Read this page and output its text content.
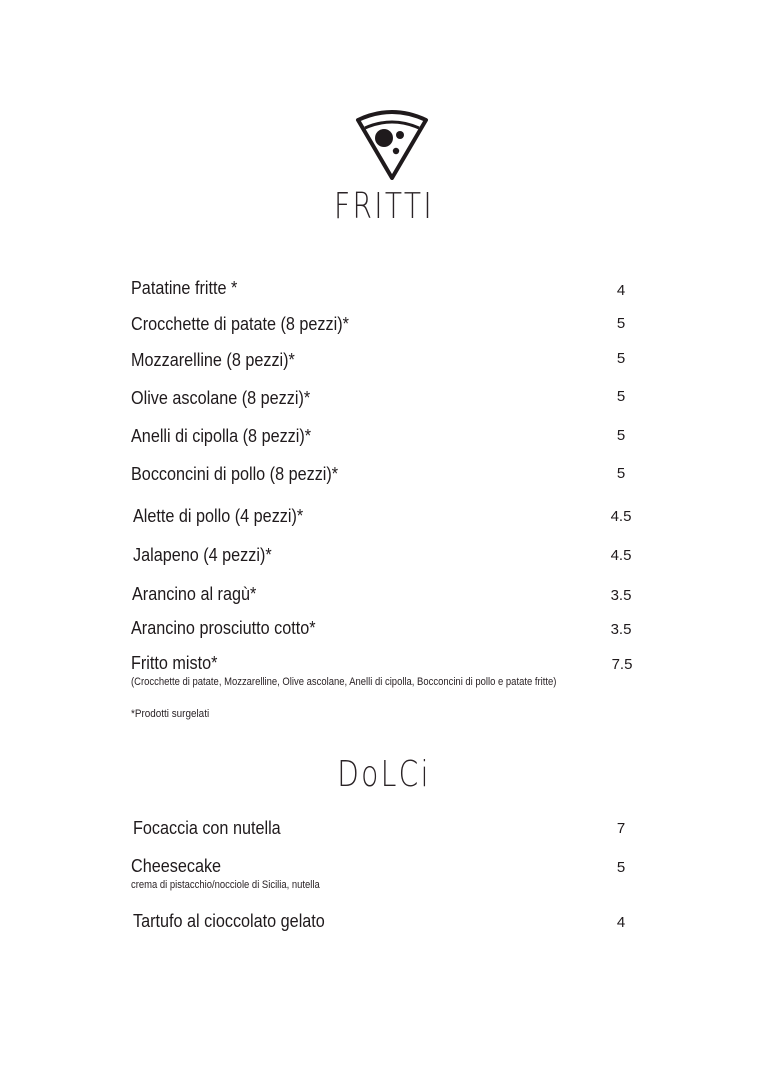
FRITTI
Patatine fritte *	4
Crocchette di patate (8 pezzi)*	5
Mozzarelline (8 pezzi)*	5
Olive ascolane (8 pezzi)*	5
Anelli di cipolla (8 pezzi)*	5
Bocconcini di pollo (8 pezzi)*	5
Alette di pollo (4 pezzi)*	4.5
Jalapeno (4 pezzi)*	4.5
Arancino al ragù*	3.5
Arancino prosciutto cotto*	3.5
Fritto misto*	7.5
(Crocchette di patate, Mozzarelline, Olive ascolane, Anelli di cipolla, Bocconcini di pollo e patate fritte)
*Prodotti surgelati
DoLCi
Focaccia con nutella	7
Cheesecake	5
crema di pistacchio/nocciole di Sicilia, nutella
Tartufo al cioccolato gelato	4
